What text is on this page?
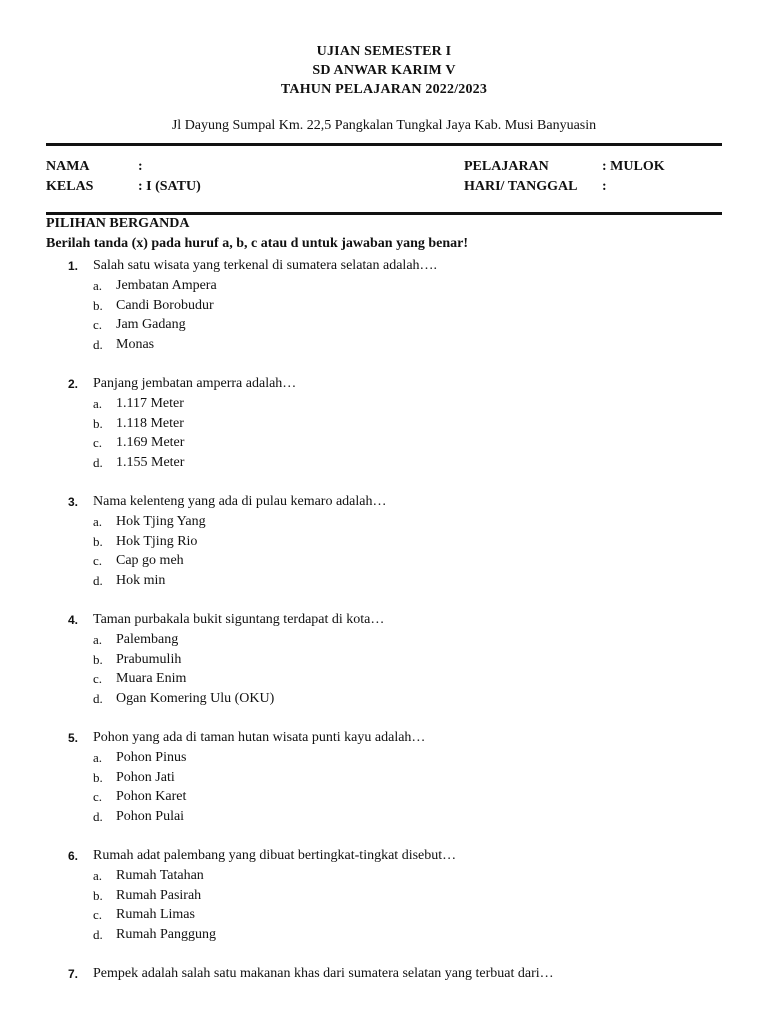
UJIAN SEMESTER I
SD ANWAR KARIM V
TAHUN PELAJARAN 2022/2023
Jl Dayung Sumpal Km. 22,5 Pangkalan Tungkal Jaya Kab. Musi Banyuasin
NAMA	:
KELAS	: I (SATU)
PELAJARAN	: MULOK
HARI/ TANGGAL :
PILIHAN BERGANDA
Berilah tanda (x) pada huruf a, b, c atau d untuk jawaban yang benar!
1. Salah satu wisata yang terkenal di sumatera selatan adalah….
a. Jembatan Ampera
b. Candi Borobudur
c. Jam Gadang
d. Monas
2. Panjang jembatan amperra adalah…
a. 1.117 Meter
b. 1.118 Meter
c. 1.169 Meter
d. 1.155 Meter
3. Nama kelenteng yang ada di pulau kemaro adalah…
a. Hok Tjing Yang
b. Hok Tjing Rio
c. Cap go meh
d. Hok min
4. Taman purbakala bukit siguntang terdapat di kota…
a. Palembang
b. Prabumulih
c. Muara Enim
d. Ogan Komering Ulu (OKU)
5. Pohon yang ada di taman hutan wisata punti kayu adalah…
a. Pohon Pinus
b. Pohon Jati
c. Pohon Karet
d. Pohon Pulai
6. Rumah adat palembang yang dibuat bertingkat-tingkat disebut…
a. Rumah Tatahan
b. Rumah Pasirah
c. Rumah Limas
d. Rumah Panggung
7. Pempek adalah salah satu makanan khas dari sumatera selatan yang terbuat dari…
